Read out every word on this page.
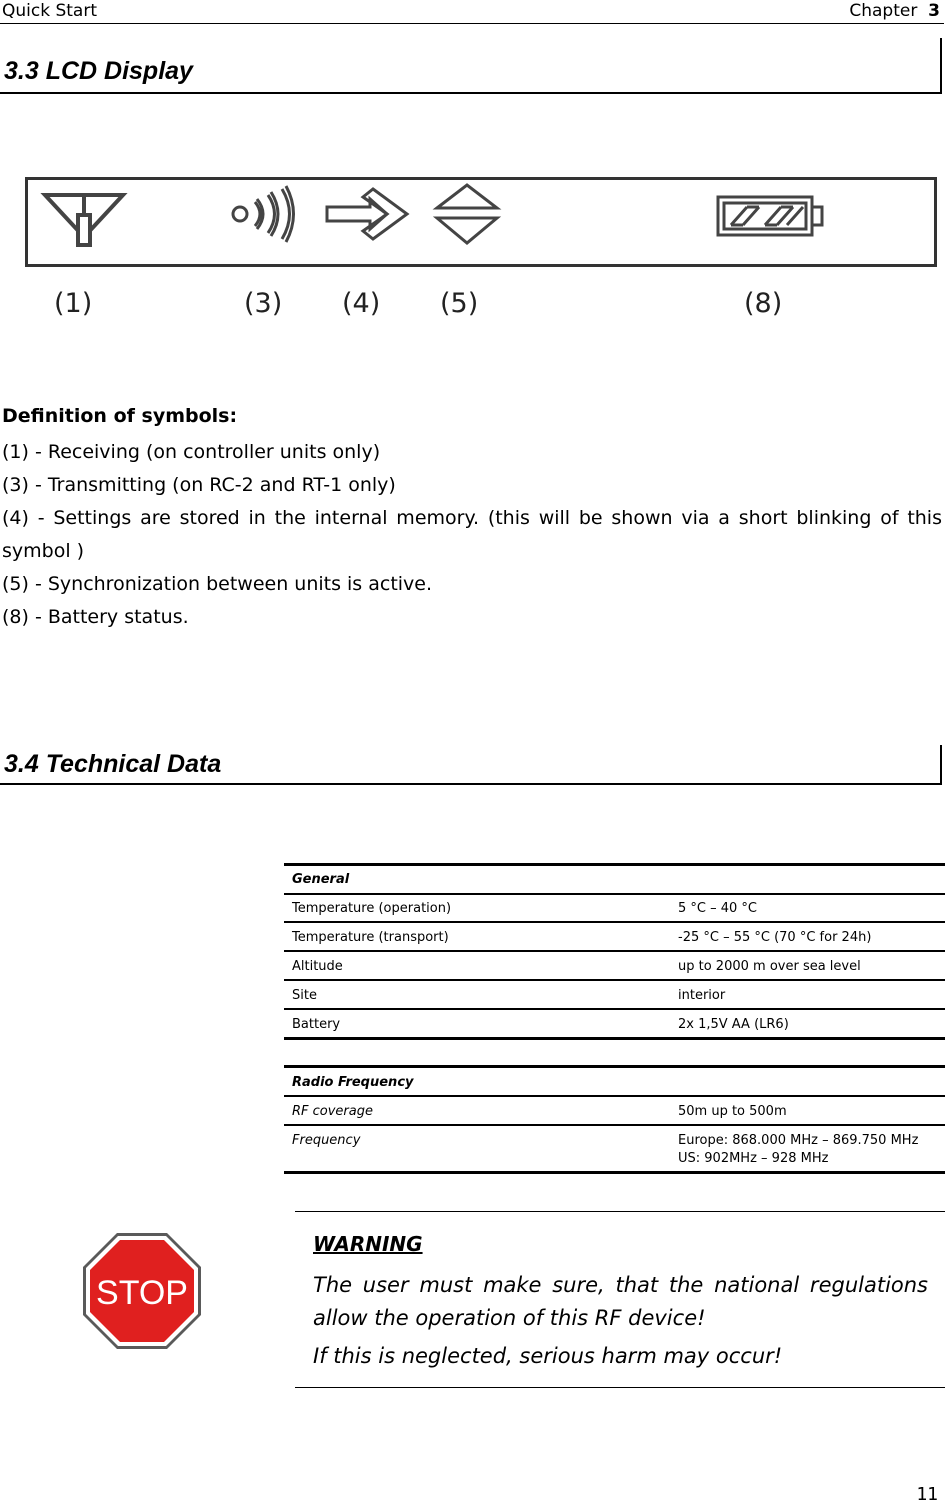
Quick Start	Chapter 3
3.3 LCD Display
(1)	(3) (4) (5)	(8)
Definition of symbols:
(1) - Receiving (on controller units only)
(3) - Transmitting (on RC-2 and RT-1 only)
(4) - Settings are stored in the internal memory. (this will be shown via a short blinking of this symbol )
(5) - Synchronization between units is active.
(8) - Battery status.
3.4 Technical Data
General
Temperature (operation)	5 °C – 40 °C
Temperature (transport)	-25 °C – 55 °C (70 °C for 24h)
Altitude	up to 2000 m over sea level
Site	interior
Battery	2x 1,5V AA (LR6)
Radio Frequency
RF coverage	50m up to 500m
Frequency	Europe: 868.000 MHz – 869.750 MHz
US: 902MHz – 928 MHz
STOP
WARNING
The user must make sure, that the national regulations allow the operation of this RF device!
If this is neglected, serious harm may occur!
11
